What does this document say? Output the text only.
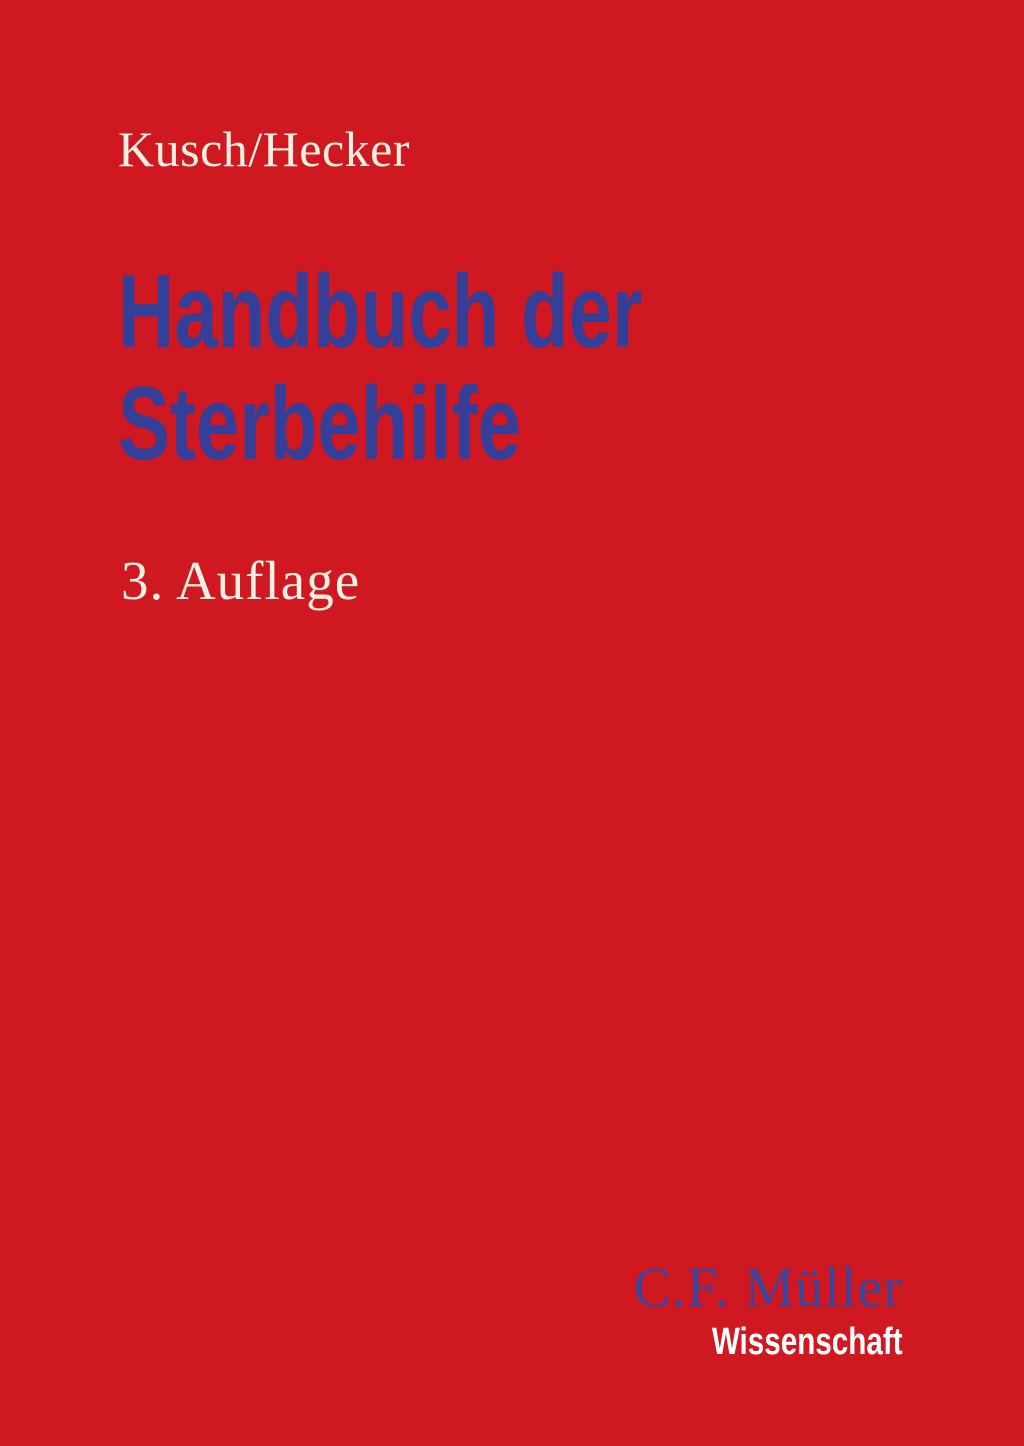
Kusch/Hecker
Handbuch der
Sterbehilfe
3. Auflage
C.F. Müller
Wissenschaft
